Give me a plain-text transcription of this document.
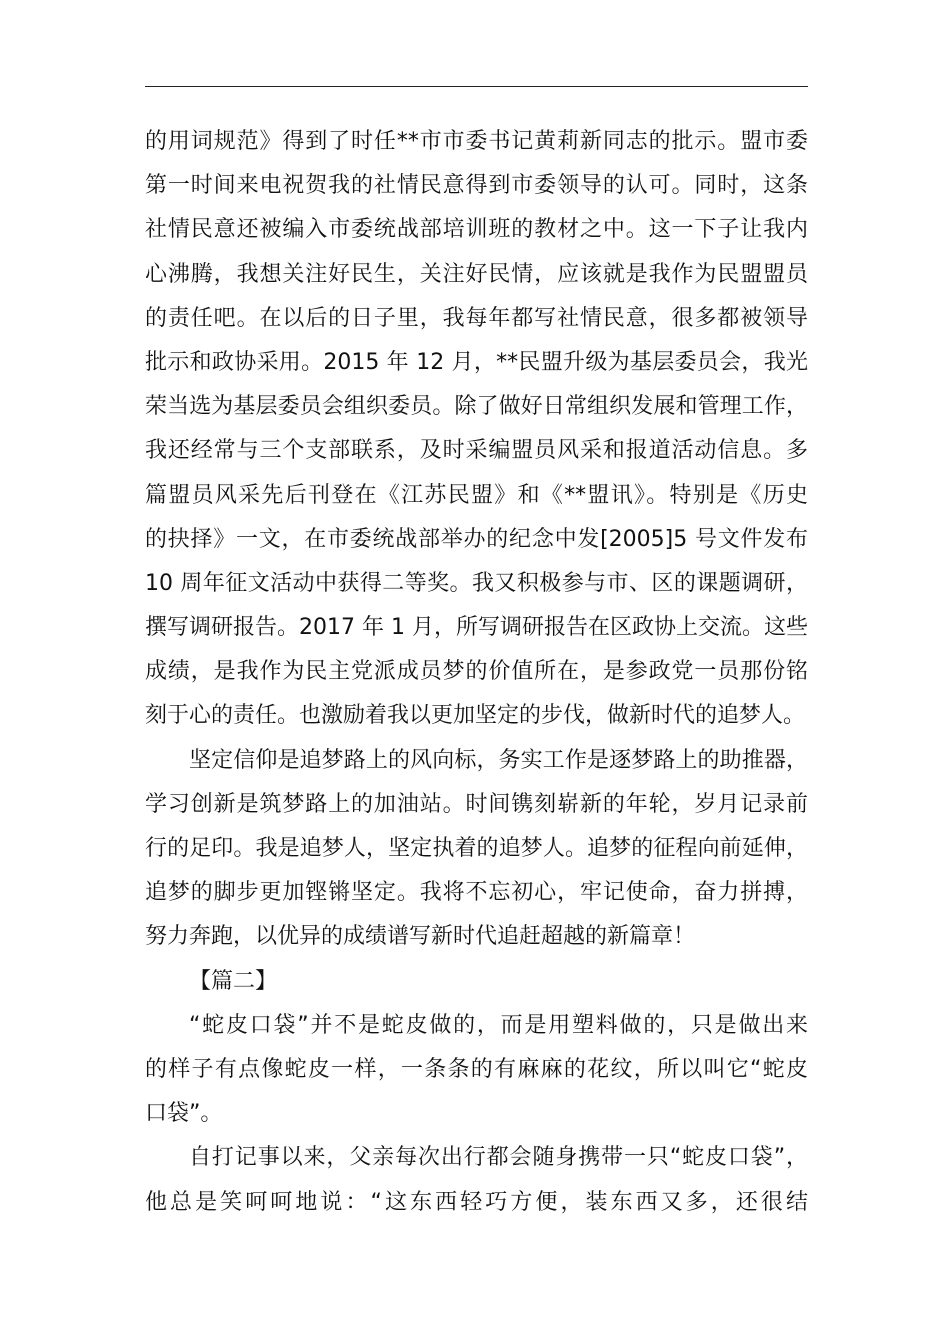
的用词规范》得到了时任**市市委书记黄莉新同志的批示。盟市委
第一时间来电祝贺我的社情民意得到市委领导的认可。同时，这条
社情民意还被编入市委统战部培训班的教材之中。这一下子让我内
心沸腾，我想关注好民生，关注好民情，应该就是我作为民盟盟员
的责任吧。在以后的日子里，我每年都写社情民意，很多都被领导
批示和政协采用。2015 年 12 月，**民盟升级为基层委员会，我光
荣当选为基层委员会组织委员。除了做好日常组织发展和管理工作，
我还经常与三个支部联系，及时采编盟员风采和报道活动信息。多
篇盟员风采先后刊登在《江苏民盟》和《**盟讯》。特别是《历史
的抉择》一文，在市委统战部举办的纪念中发[2005]5 号文件发布
10 周年征文活动中获得二等奖。我又积极参与市、区的课题调研，
撰写调研报告。2017 年 1 月，所写调研报告在区政协上交流。这些
成绩，是我作为民主党派成员梦的价值所在，是参政党一员那份铭
刻于心的责任。也激励着我以更加坚定的步伐，做新时代的追梦人。
坚定信仰是追梦路上的风向标，务实工作是逐梦路上的助推器，
学习创新是筑梦路上的加油站。时间镌刻崭新的年轮，岁月记录前
行的足印。我是追梦人，坚定执着的追梦人。追梦的征程向前延伸，
追梦的脚步更加铿锵坚定。我将不忘初心，牢记使命，奋力拼搏，
努力奔跑，以优异的成绩谱写新时代追赶超越的新篇章！
【篇二】
“蛇皮口袋”并不是蛇皮做的，而是用塑料做的，只是做出来
的样子有点像蛇皮一样，一条条的有麻麻的花纹，所以叫它“蛇皮
口袋”。
自打记事以来，父亲每次出行都会随身携带一只“蛇皮口袋”，
他总是笑呵呵地说：“这东西轻巧方便，装东西又多，还很结
